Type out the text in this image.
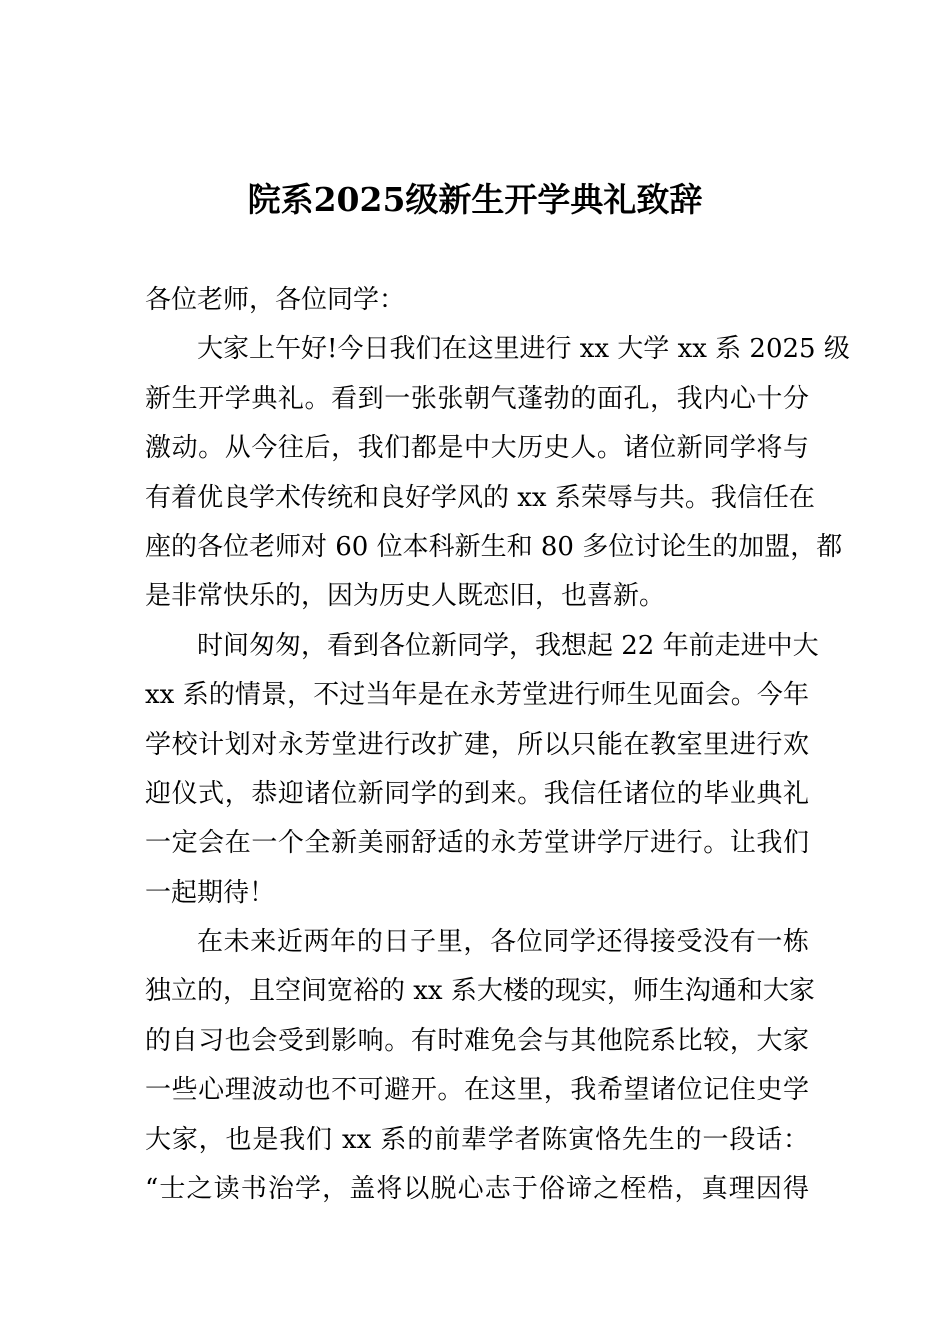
院系2025级新生开学典礼致辞
各位老师，各位同学：
大家上午好!今日我们在这里进行 xx 大学 xx 系 2025 级
新生开学典礼。看到一张张朝气蓬勃的面孔，我内心十分
激动。从今往后，我们都是中大历史人。诸位新同学将与
有着优良学术传统和良好学风的 xx 系荣辱与共。我信任在
座的各位老师对 60 位本科新生和 80 多位讨论生的加盟，都
是非常快乐的，因为历史人既恋旧，也喜新。
时间匆匆，看到各位新同学，我想起 22 年前走进中大
xx 系的情景，不过当年是在永芳堂进行师生见面会。今年
学校计划对永芳堂进行改扩建，所以只能在教室里进行欢
迎仪式，恭迎诸位新同学的到来。我信任诸位的毕业典礼
一定会在一个全新美丽舒适的永芳堂讲学厅进行。让我们
一起期待！
在未来近两年的日子里，各位同学还得接受没有一栋
独立的，且空间宽裕的 xx 系大楼的现实，师生沟通和大家
的自习也会受到影响。有时难免会与其他院系比较，大家
一些心理波动也不可避开。在这里，我希望诸位记住史学
大家，也是我们 xx 系的前辈学者陈寅恪先生的一段话：
“士之读书治学，盖将以脱心志于俗谛之桎梏，真理因得
